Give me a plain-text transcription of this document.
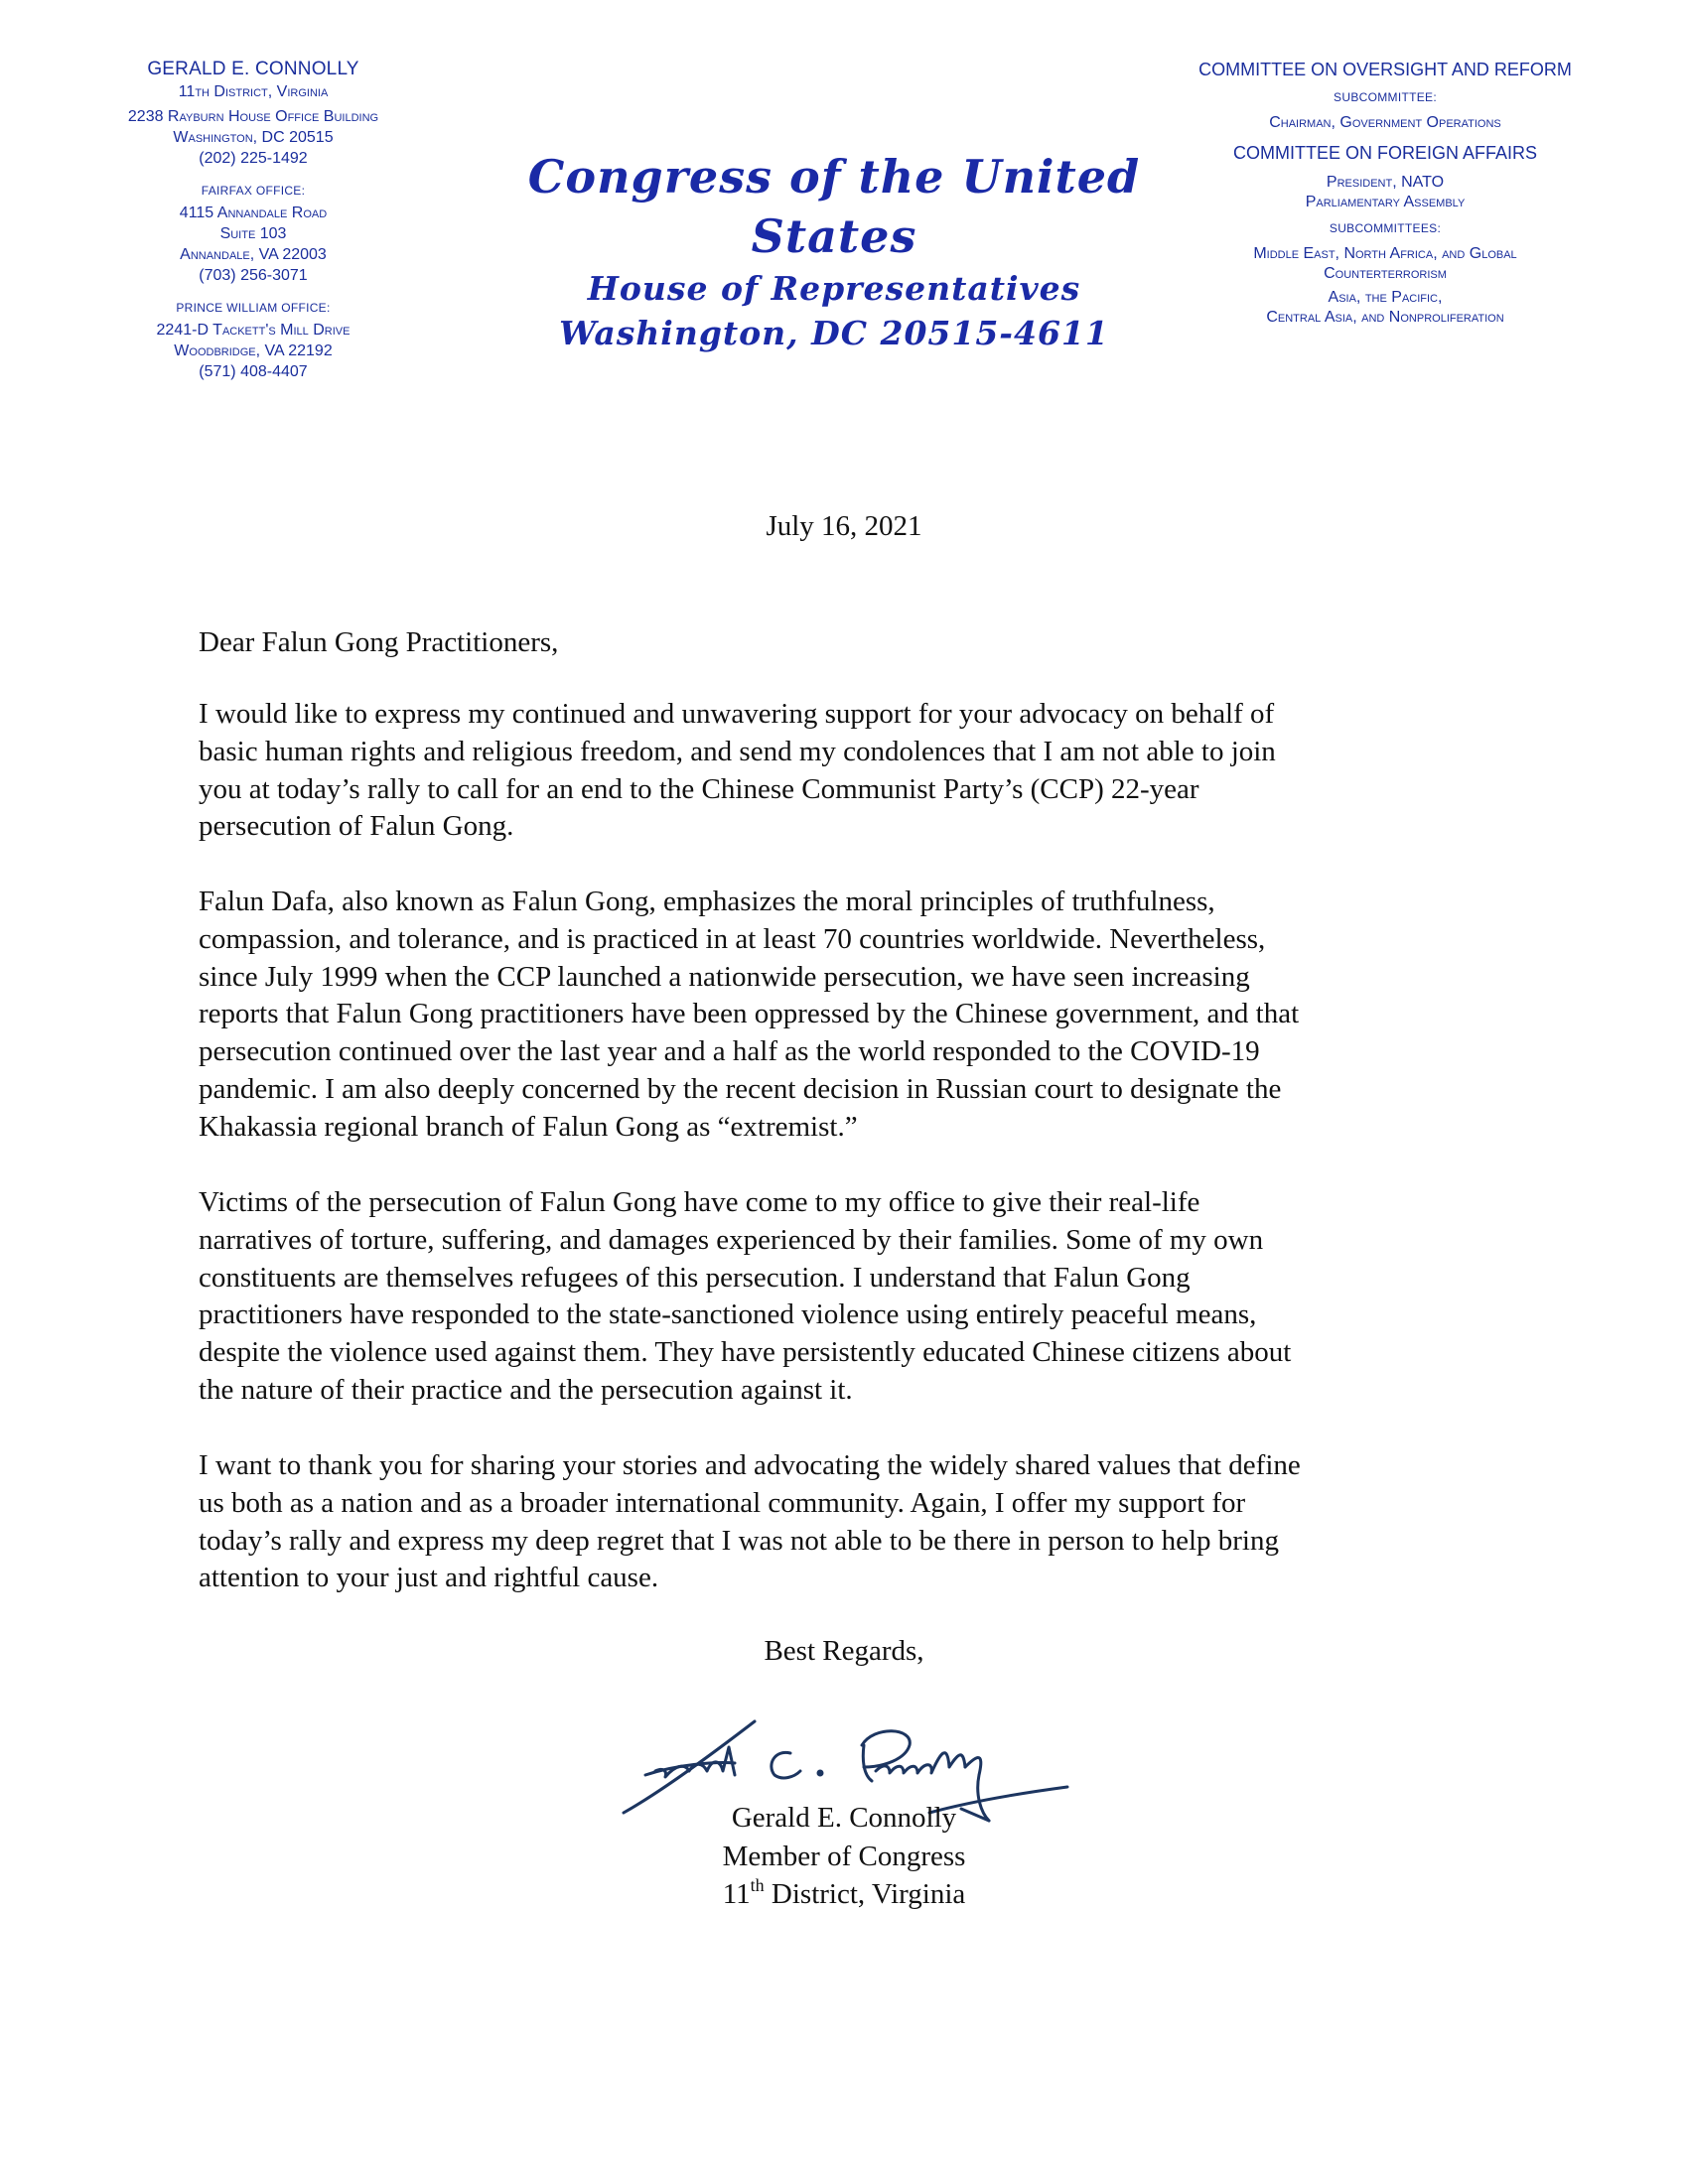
GERALD E. CONNOLLY
11th District, Virginia
2238 Rayburn House Office Building
Washington, DC 20515
(202) 225-1492
FAIRFAX OFFICE:
4115 Annandale Road
Suite 103
Annandale, VA 22003
(703) 256-3071
PRINCE WILLIAM OFFICE:
2241-D Tackett's Mill Drive
Woodbridge, VA 22192
(571) 408-4407
Congress of the United States
House of Representatives
Washington, DC 20515-4611
COMMITTEE ON OVERSIGHT AND REFORM
SUBCOMMITTEE:
Chairman, Government Operations
COMMITTEE ON FOREIGN AFFAIRS
President, NATO
Parliamentary Assembly
SUBCOMMITTEES:
Middle East, North Africa, and Global
Counterterrorism
Asia, the Pacific,
Central Asia, and Nonproliferation
July 16, 2021
Dear Falun Gong Practitioners,
I would like to express my continued and unwavering support for your advocacy on behalf of
basic human rights and religious freedom, and send my condolences that I am not able to join
you at today’s rally to call for an end to the Chinese Communist Party’s (CCP) 22-year
persecution of Falun Gong.
Falun Dafa, also known as Falun Gong, emphasizes the moral principles of truthfulness,
compassion, and tolerance, and is practiced in at least 70 countries worldwide. Nevertheless,
since July 1999 when the CCP launched a nationwide persecution, we have seen increasing
reports that Falun Gong practitioners have been oppressed by the Chinese government, and that
persecution continued over the last year and a half as the world responded to the COVID-19
pandemic. I am also deeply concerned by the recent decision in Russian court to designate the
Khakassia regional branch of Falun Gong as “extremist.”
Victims of the persecution of Falun Gong have come to my office to give their real-life
narratives of torture, suffering, and damages experienced by their families. Some of my own
constituents are themselves refugees of this persecution. I understand that Falun Gong
practitioners have responded to the state-sanctioned violence using entirely peaceful means,
despite the violence used against them. They have persistently educated Chinese citizens about
the nature of their practice and the persecution against it.
I want to thank you for sharing your stories and advocating the widely shared values that define
us both as a nation and as a broader international community. Again, I offer my support for
today’s rally and express my deep regret that I was not able to be there in person to help bring
attention to your just and rightful cause.
Best Regards,
Gerald E. Connolly
Member of Congress
11th District, Virginia
